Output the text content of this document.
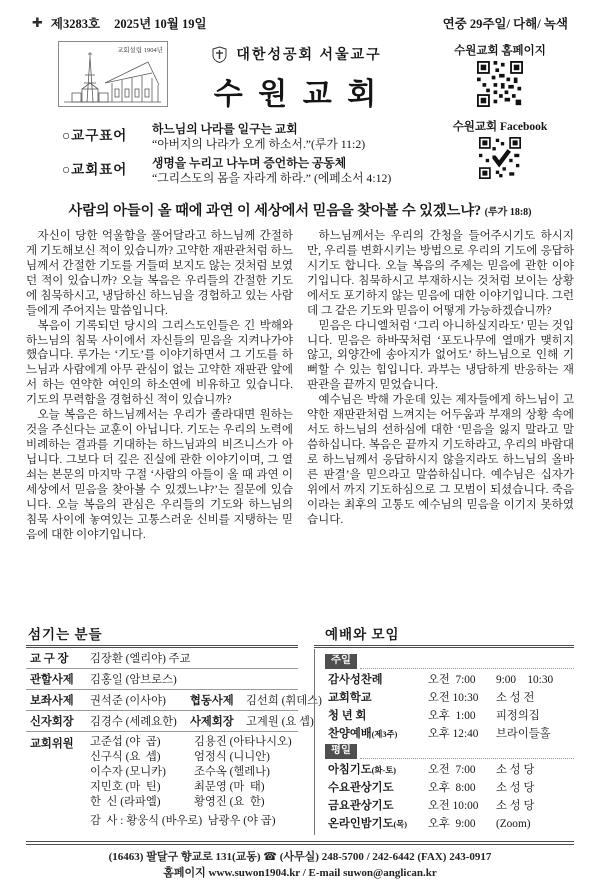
✚ 제3283호 2025년 10월 19일	연중 29주일/ 다해/ 녹색
교회설립 1904년	대한성공회 서울교구
수 원 교 회
○교구표어	하느님의 나라를 일구는 교회
“아버지의 나라가 오게 하소서.”(루가 11:2)
○교회표어	생명을 누리고 나누며 증언하는 공동체
“그리스도의 몸을 자라게 하라.” (에페소서 4:12)
수원교회 홈페이지
수원교회 Facebook
사람의 아들이 올 때에 과연 이 세상에서 믿음을 찾아볼 수 있겠느냐? (루가 18:8)

자신이 당한 억울함을 풀어달라고 하느님께 간절하게 기도해보신 적이 있습니까? 고약한 재판관처럼 하느님께서 간절한 기도를 거들떠 보지도 않는 것처럼 보였던 적이 있습니까? 오늘 복음은 우리들의 간절한 기도에 침묵하시고, 냉담하신 하느님을 경험하고 있는 사람들에게 주어지는 말씀입니다.

복음이 기록되던 당시의 그리스도인들은 긴 박해와 하느님의 침묵 사이에서 자신들의 믿음을 지켜나가야 했습니다. 루가는 ‘기도’를 이야기하면서 그 기도를 하느님과 사람에게 아무 관심이 없는 고약한 재판관 앞에서 하는 연약한 여인의 하소연에 비유하고 있습니다. 기도의 무력함을 경험하신 적이 있습니까?

오늘 복음은 하느님께서는 우리가 졸라대면 원하는 것을 주신다는 교훈이 아닙니다. 기도는 우리의 노력에 비례하는 결과를 기대하는 하느님과의 비즈니스가 아닙니다. 그보다 더 깊은 진실에 관한 이야기이며, 그 열쇠는 본문의 마지막 구절 ‘사람의 아들이 올 때 과연 이 세상에서 믿음을 찾아볼 수 있겠느냐?’는 질문에 있습니다. 오늘 복음의 관심은 우리들의 기도와 하느님의 침묵 사이에 놓여있는 고통스러운 신비를 지탱하는 믿음에 대한 이야기입니다.

하느님께서는 우리의 간청을 들어주시기도 하시지만, 우리를 변화시키는 방법으로 우리의 기도에 응답하시기도 합니다. 오늘 복음의 주제는 믿음에 관한 이야기입니다. 침묵하시고 부재하시는 것처럼 보이는 상황에서도 포기하지 않는 믿음에 대한 이야기입니다. 그런데 그 같은 기도와 믿음이 어떻게 가능하겠습니까?

믿음은 다니엘처럼 ‘그리 아니하실지라도’ 믿는 것입니다. 믿음은 하바꾹처럼 ‘포도나무에 열매가 맺히지 않고, 외양간에 송아지가 없어도’ 하느님으로 인해 기뻐할 수 있는 힘입니다. 과부는 냉담하게 반응하는 재판관을 끝까지 믿었습니다.

예수님은 박해 가운데 있는 제자들에게 하느님이 고약한 재판관처럼 느껴지는 어두움과 부재의 상황 속에서도 하느님의 선하심에 대한 ‘믿음을 잃지 말라고 말씀하십니다. 복음은 끝까지 기도하라고, 우리의 바람대로 하느님께서 응답하시지 않을지라도 하느님의 올바른 판결’을 믿으라고 말씀하십니다. 예수님은 십자가 위에서 까지 기도하심으로 그 모범이 되셨습니다. 죽음이라는 최후의 고통도 예수님의 믿음을 이기지 못하였습니다.

섬기는 분들
교 구 장	김장환 (엘리야) 주교
관할사제	김홍일 (암브로스)
보좌사제	권석준 (이사야)	협동사제	김선희 (휘데스)
신자회장	김경수 (세례요한)	사제회장	고계원 (요 셉)
교회위원	고준섭 (야  곱)	김용진 (아타나시오)
신구식 (요  셉)	엄정식 (니니안)
이수자 (모니카)	조수옥 (헬레나)
지민호 (마  틴)	최문영 (마  태)
한  신 (라파엘)	황영진 (요  한)
감  사 : 황웅식 (바우로)  남광우 (야 곱)
예배와 모임
주일
감사성찬례	오전  7:00	9:00    10:30
교회학교	오전 10:30	소 성 전
청 년 회	오후  1:00	피정의집
찬양예배(제3주)	오후 12:40	브라이들홀
평일
아침기도(화-토)	오전  7:00	소 성 당
수요관상기도	오후  8:00	소 성 당
금요관상기도	오전 10:00	소 성 당
온라인밤기도(목)	오후  9:00	(Zoom)
(16463) 팔달구 향교로 131(교동) ☎ (사무실) 248-5700 / 242-6442 (FAX) 243-0917
홈페이지 www.suwon1904.kr / E-mail suwon@anglican.kr
